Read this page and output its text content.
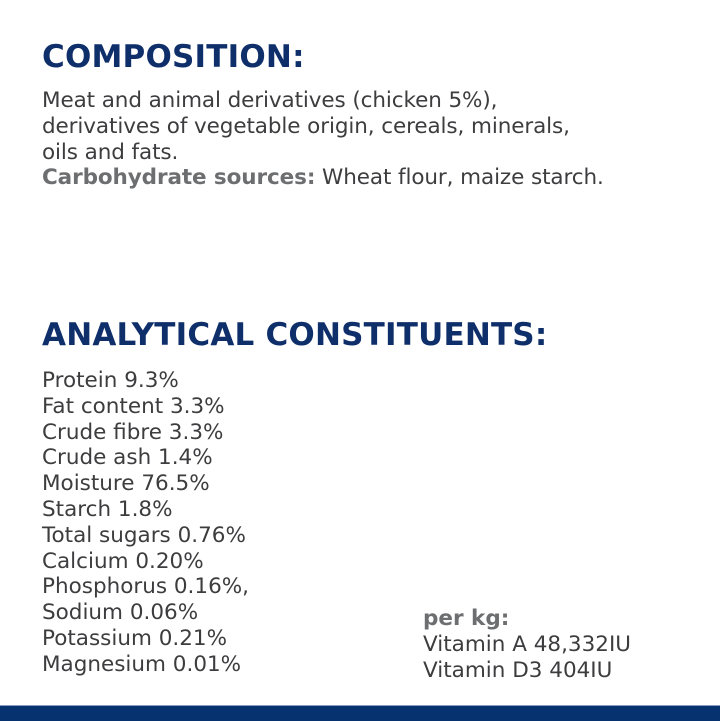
COMPOSITION:
Meat and animal derivatives (chicken 5%),
derivatives of vegetable origin, cereals, minerals,
oils and fats.
Carbohydrate sources: Wheat flour, maize starch.
ANALYTICAL CONSTITUENTS:
Protein 9.3%
Fat content 3.3%
Crude fibre 3.3%
Crude ash 1.4%
Moisture 76.5%
Starch 1.8%
Total sugars 0.76%
Calcium 0.20%
Phosphorus 0.16%,
Sodium 0.06%
Potassium 0.21%
Magnesium 0.01%
per kg:
Vitamin A 48,332IU
Vitamin D3 404IU
